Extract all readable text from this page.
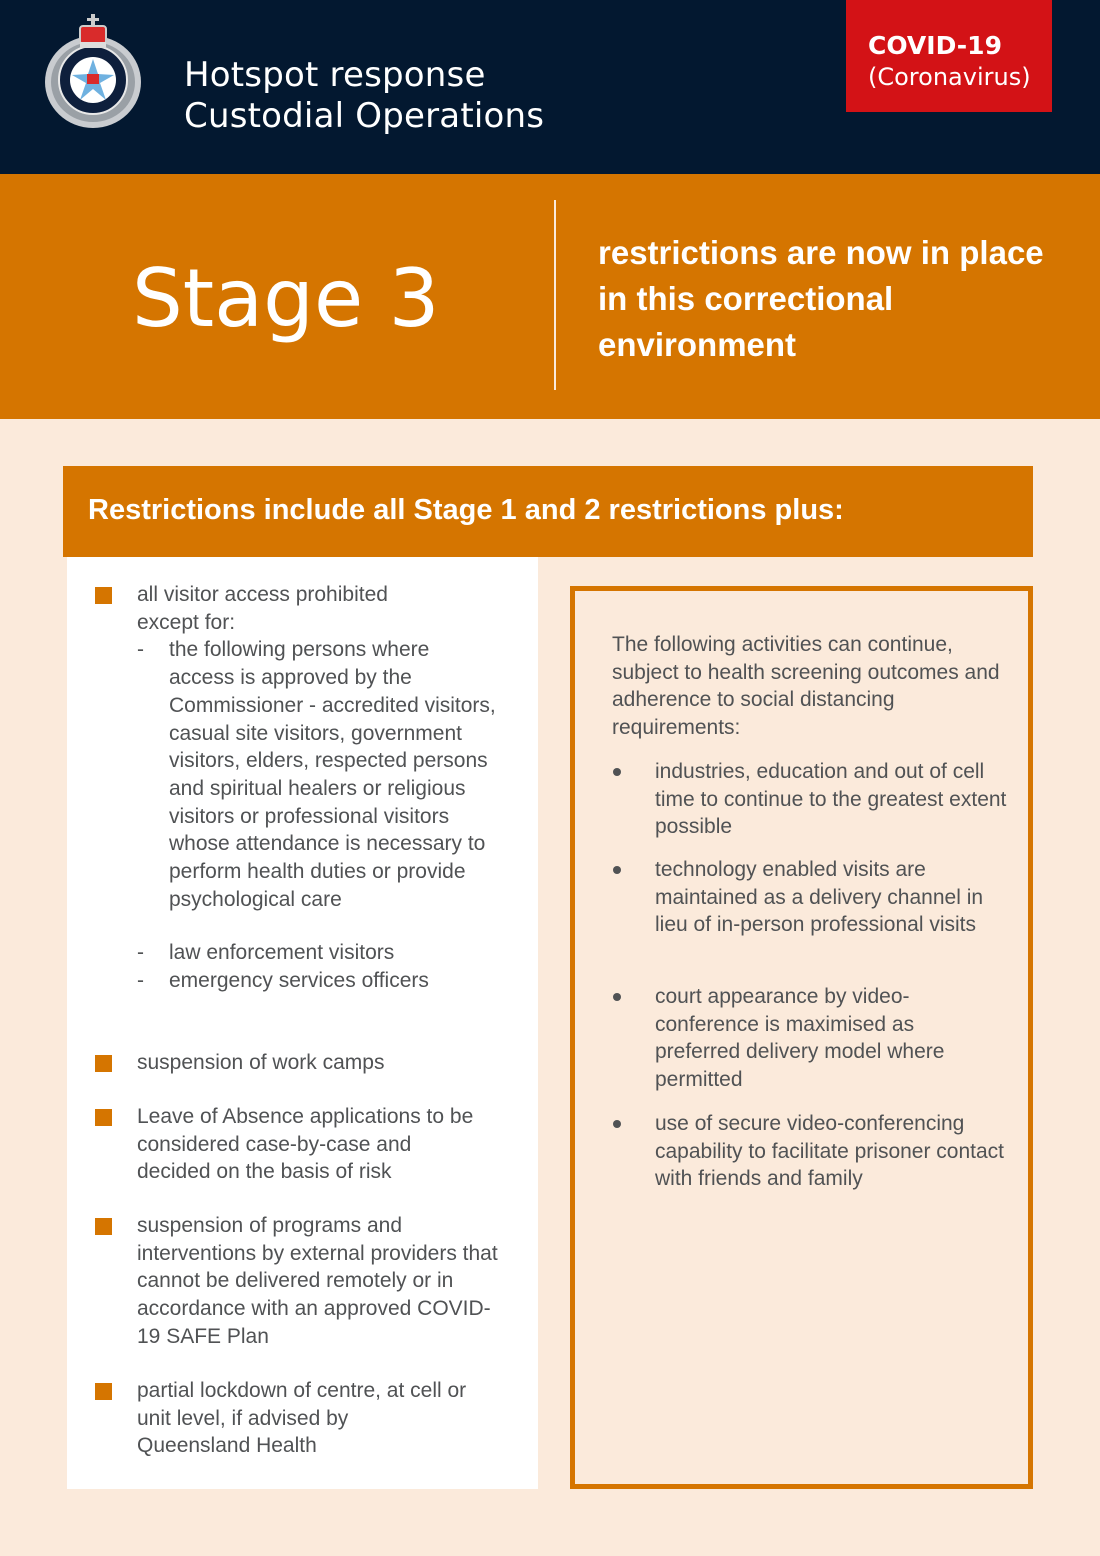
Hotspot response
Custodial Operations
COVID-19
(Coronavirus)
Stage 3	restrictions are now in place in this correctional environment
Restrictions include all Stage 1 and 2 restrictions plus:
all visitor access prohibited except for:
- the following persons where access is approved by the Commissioner - accredited visitors, casual site visitors, government visitors, elders, respected persons and spiritual healers or religious visitors or professional visitors whose attendance is necessary to perform health duties or provide psychological care
- law enforcement visitors
- emergency services officers
suspension of work camps
Leave of Absence applications to be considered case-by-case and decided on the basis of risk
suspension of programs and interventions by external providers that cannot be delivered remotely or in accordance with an approved COVID-19 SAFE Plan
partial lockdown of centre, at cell or unit level, if advised by Queensland Health
The following activities can continue, subject to health screening outcomes and adherence to social distancing requirements:
industries, education and out of cell time to continue to the greatest extent possible
technology enabled visits are maintained as a delivery channel in lieu of in-person professional visits
court appearance by video-conference is maximised as preferred delivery model where permitted
use of secure video-conferencing capability to facilitate prisoner contact with friends and family
